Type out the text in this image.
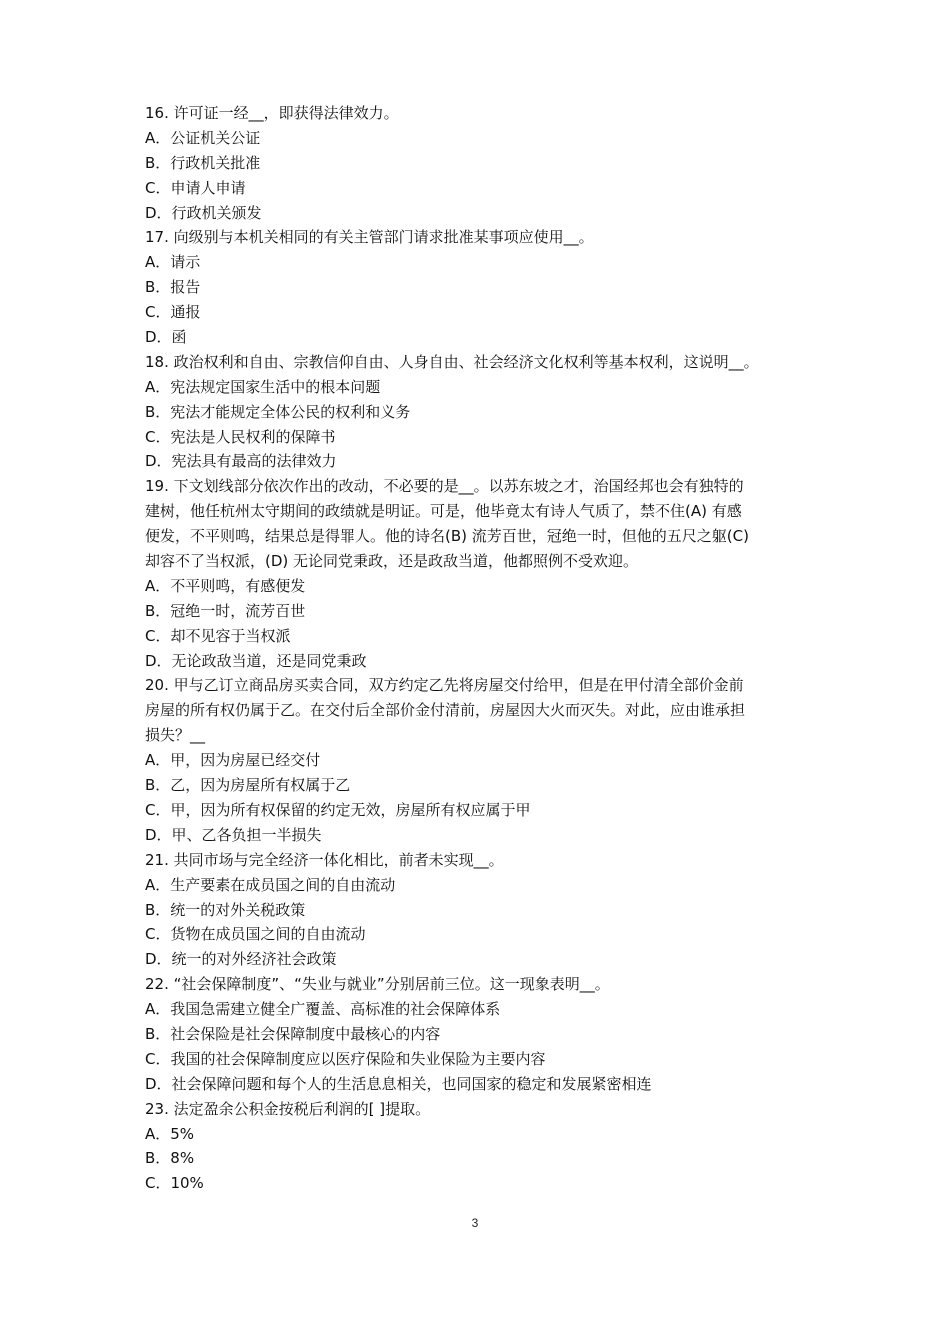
16. 许可证一经__，即获得法律效力。
A．公证机关公证
B．行政机关批准
C．申请人申请
D．行政机关颁发
17. 向级别与本机关相同的有关主管部门请求批准某事项应使用__。
A．请示
B．报告
C．通报
D．函
18. 政治权利和自由、宗教信仰自由、人身自由、社会经济文化权利等基本权利，这说明__。
A．宪法规定国家生活中的根本问题
B．宪法才能规定全体公民的权利和义务
C．宪法是人民权利的保障书
D．宪法具有最高的法律效力
19. 下文划线部分依次作出的改动，不必要的是__。以苏东坡之才，治国经邦也会有独特的
建树，他任杭州太守期间的政绩就是明证。可是，他毕竟太有诗人气质了，禁不住(A) 有感
便发，不平则鸣，结果总是得罪人。他的诗名(B) 流芳百世，冠绝一时，但他的五尺之躯(C)
却容不了当权派，(D) 无论同党秉政，还是政敌当道，他都照例不受欢迎。
A．不平则鸣，有感便发
B．冠绝一时，流芳百世
C．却不见容于当权派
D．无论政敌当道，还是同党秉政
20. 甲与乙订立商品房买卖合同，双方约定乙先将房屋交付给甲，但是在甲付清全部价金前
房屋的所有权仍属于乙。在交付后全部价金付清前，房屋因大火而灭失。对此，应由谁承担
损失？__
A．甲，因为房屋已经交付
B．乙，因为房屋所有权属于乙
C．甲，因为所有权保留的约定无效，房屋所有权应属于甲
D．甲、乙各负担一半损失
21. 共同市场与完全经济一体化相比，前者未实现__。
A．生产要素在成员国之间的自由流动
B．统一的对外关税政策
C．货物在成员国之间的自由流动
D．统一的对外经济社会政策
22. “社会保障制度”、“失业与就业”分别居前三位。这一现象表明__。
A．我国急需建立健全广覆盖、高标准的社会保障体系
B．社会保险是社会保障制度中最核心的内容
C．我国的社会保障制度应以医疗保险和失业保险为主要内容
D．社会保障问题和每个人的生活息息相关，也同国家的稳定和发展紧密相连
23. 法定盈余公积金按税后利润的[ ]提取。
A．5%
B．8%
C．10%
3
